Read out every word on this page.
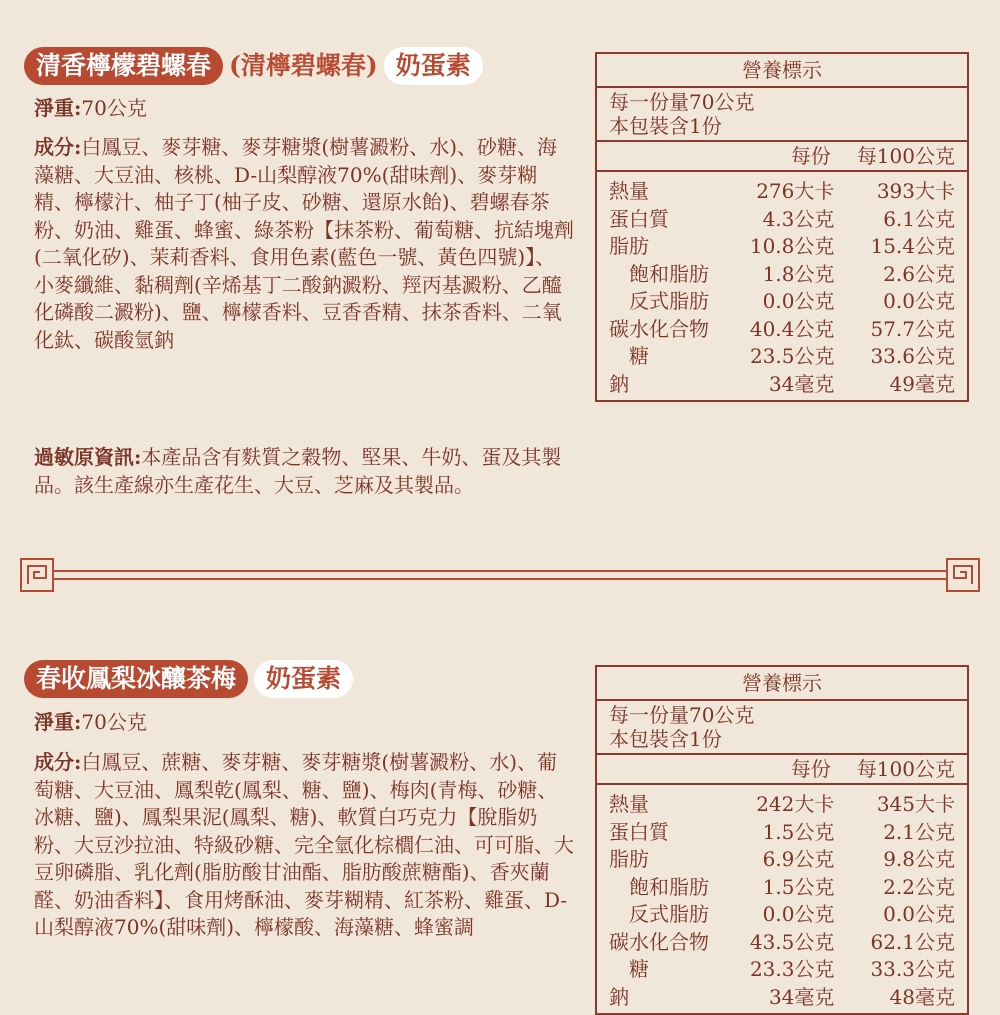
清香檸檬碧螺春 (清檸碧螺春) 奶蛋素

淨重:70公克

成分:白鳳豆、麥芽糖、麥芽糖漿(樹薯澱粉、水)、砂糖、海藻糖、大豆油、核桃、D-山梨醇液70%(甜味劑)、麥芽糊精、檸檬汁、柚子丁(柚子皮、砂糖、還原水飴)、碧螺春茶粉、奶油、雞蛋、蜂蜜、綠茶粉【抹茶粉、葡萄糖、抗結塊劑(二氧化矽)、茉莉香料、食用色素(藍色一號、黃色四號)】、小麥纖維、黏稠劑(辛烯基丁二酸鈉澱粉、羥丙基澱粉、乙醯化磷酸二澱粉)、鹽、檸檬香料、豆香香精、抹茶香料、二氧化鈦、碳酸氫鈉

過敏原資訊:本產品含有麩質之穀物、堅果、牛奶、蛋及其製品。該生產線亦生產花生、大豆、芝麻及其製品。

營養標示
每一份量70公克
本包裝含1份
每份 每100公克
熱量	276大卡	393大卡
蛋白質	4.3公克	6.1公克
脂肪	10.8公克	15.4公克
飽和脂肪	1.8公克	2.6公克
反式脂肪	0.0公克	0.0公克
碳水化合物	40.4公克	57.7公克
糖	23.5公克	33.6公克
鈉	34毫克	49毫克
春收鳳梨冰釀茶梅	奶蛋素

淨重:70公克

成分:白鳳豆、蔗糖、麥芽糖、麥芽糖漿(樹薯澱粉、水)、葡萄糖、大豆油、鳳梨乾(鳳梨、糖、鹽)、梅肉(青梅、砂糖、冰糖、鹽)、鳳梨果泥(鳳梨、糖)、軟質白巧克力【脫脂奶粉、大豆沙拉油、特級砂糖、完全氫化棕櫚仁油、可可脂、大豆卵磷脂、乳化劑(脂肪酸甘油酯、脂肪酸蔗糖酯)、香夾蘭醛、奶油香料】、食用烤酥油、麥芽糊精、紅茶粉、雞蛋、D-山梨醇液70%(甜味劑)、檸檬酸、海藻糖、蜂蜜調

營養標示
每一份量70公克
本包裝含1份
每份 每100公克
熱量	242大卡	345大卡
蛋白質	1.5公克	2.1公克
脂肪	6.9公克	9.8公克
飽和脂肪	1.5公克	2.2公克
反式脂肪	0.0公克	0.0公克
碳水化合物	43.5公克	62.1公克
糖	23.3公克	33.3公克
鈉	34毫克	48毫克
